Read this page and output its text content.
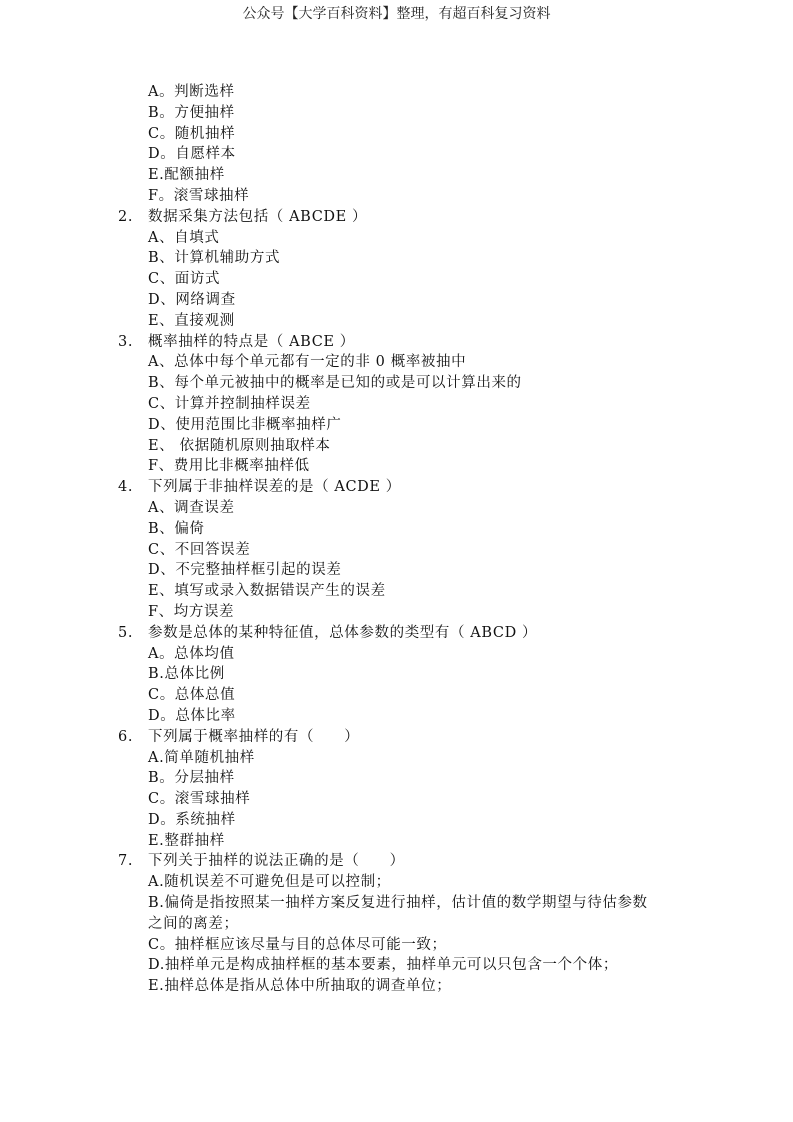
公众号【大学百科资料】整理，有超百科复习资料
A。判断选样
B。方便抽样
C。随机抽样
D。自愿样本
E.配额抽样
F。滚雪球抽样
2. 数据采集方法包括（ ABCDE ）
A、自填式
B、计算机辅助方式
C、面访式
D、网络调查
E、直接观测
3. 概率抽样的特点是（ ABCE ）
A、总体中每个单元都有一定的非 0 概率被抽中
B、每个单元被抽中的概率是已知的或是可以计算出来的
C、计算并控制抽样误差
D、使用范围比非概率抽样广
E、 依据随机原则抽取样本
F、费用比非概率抽样低
4. 下列属于非抽样误差的是（ ACDE ）
A、调查误差
B、偏倚
C、不回答误差
D、不完整抽样框引起的误差
E、填写或录入数据错误产生的误差
F、均方误差
5. 参数是总体的某种特征值，总体参数的类型有（ ABCD ）
A。总体均值
B.总体比例
C。总体总值
D。总体比率
6. 下列属于概率抽样的有（　　）
A.简单随机抽样
B。分层抽样
C。滚雪球抽样
D。系统抽样
E.整群抽样
7. 下列关于抽样的说法正确的是（　　）
A.随机误差不可避免但是可以控制；
B.偏倚是指按照某一抽样方案反复进行抽样，估计值的数学期望与待估参数
之间的离差；
C。抽样框应该尽量与目的总体尽可能一致；
D.抽样单元是构成抽样框的基本要素，抽样单元可以只包含一个个体；
E.抽样总体是指从总体中所抽取的调查单位；
